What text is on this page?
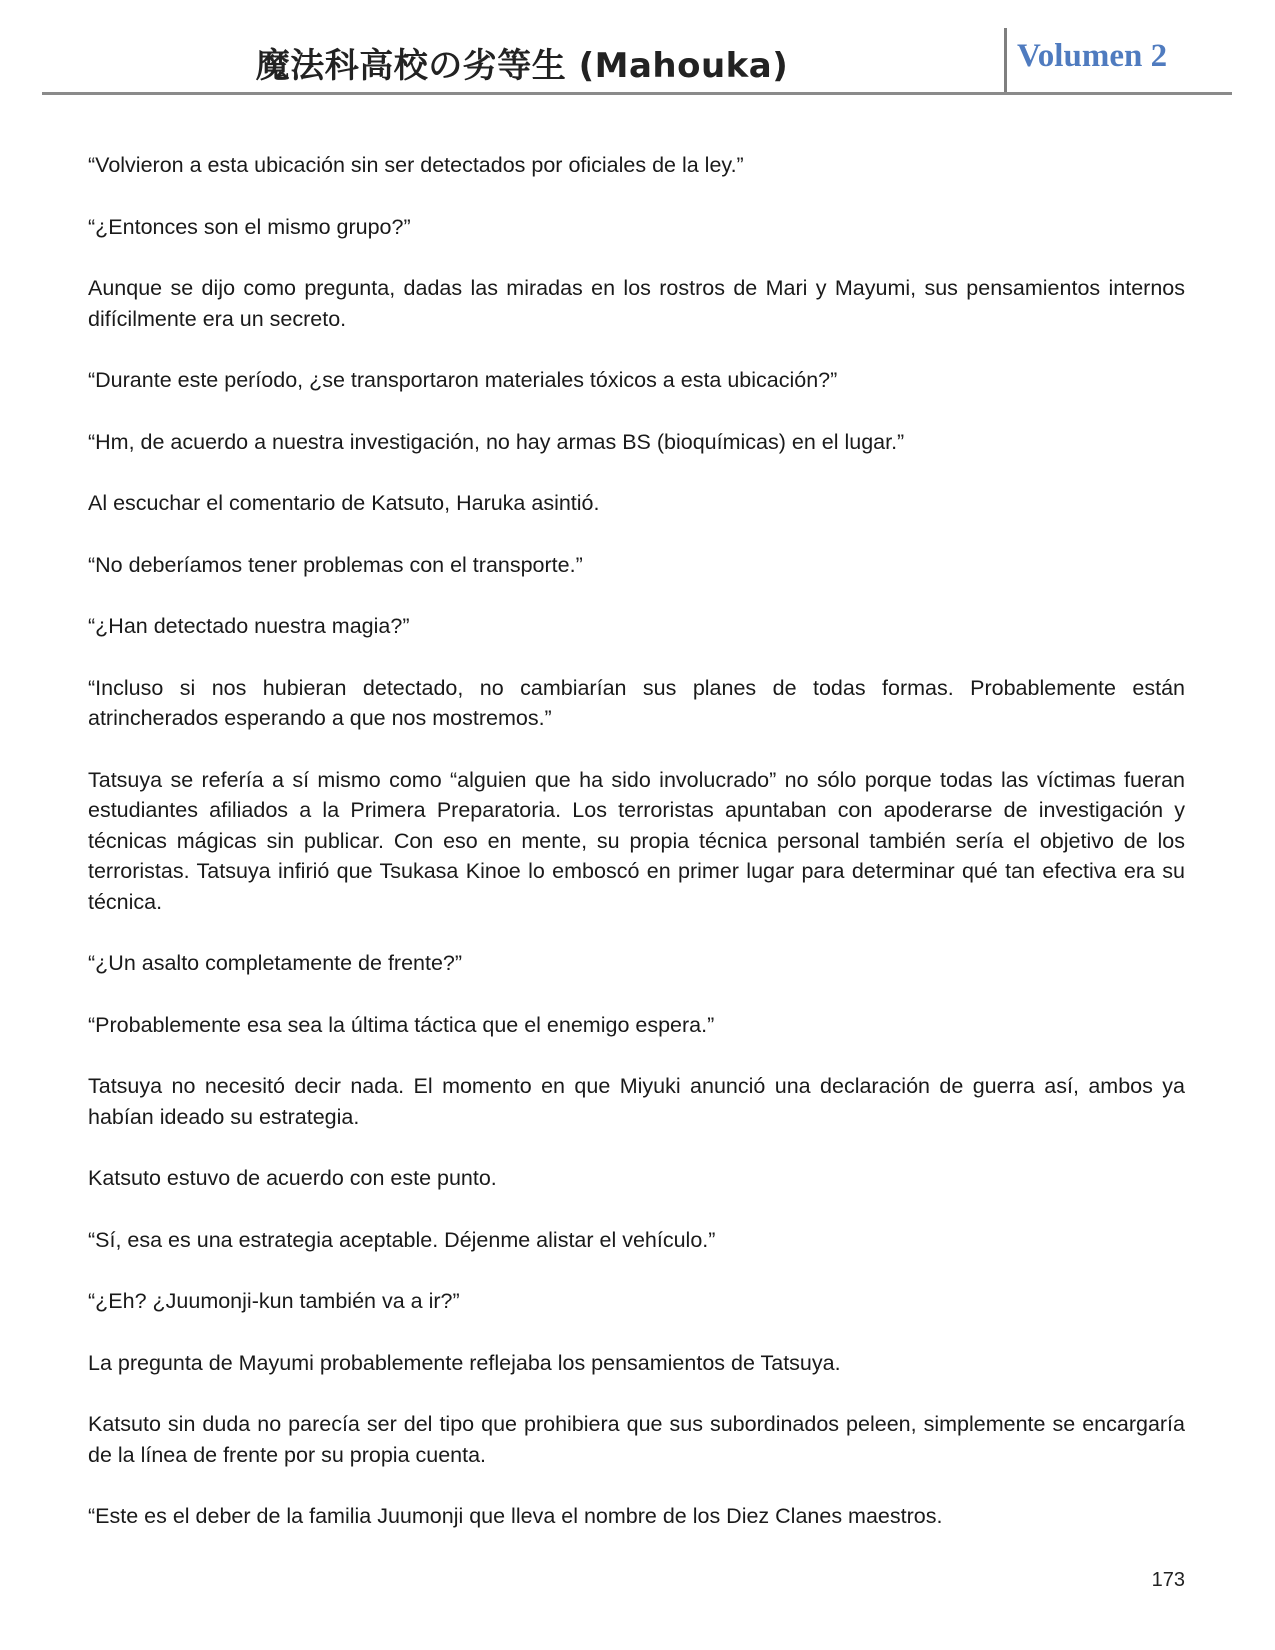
魔法科高校の劣等生 (Mahouka)	Volumen 2

“Volvieron a esta ubicación sin ser detectados por oficiales de la ley.”

“¿Entonces son el mismo grupo?”

Aunque se dijo como pregunta, dadas las miradas en los rostros de Mari y Mayumi, sus pensamientos internos difícilmente era un secreto.

“Durante este período, ¿se transportaron materiales tóxicos a esta ubicación?”

“Hm, de acuerdo a nuestra investigación, no hay armas BS (bioquímicas) en el lugar.”

Al escuchar el comentario de Katsuto, Haruka asintió.

“No deberíamos tener problemas con el transporte.”

“¿Han detectado nuestra magia?”

“Incluso si nos hubieran detectado, no cambiarían sus planes de todas formas. Probablemente están atrincherados esperando a que nos mostremos.”

Tatsuya se refería a sí mismo como “alguien que ha sido involucrado” no sólo porque todas las víctimas fueran estudiantes afiliados a la Primera Preparatoria. Los terroristas apuntaban con apoderarse de investigación y técnicas mágicas sin publicar. Con eso en mente, su propia técnica personal también sería el objetivo de los terroristas. Tatsuya infirió que Tsukasa Kinoe lo emboscó en primer lugar para determinar qué tan efectiva era su técnica.

“¿Un asalto completamente de frente?”

“Probablemente esa sea la última táctica que el enemigo espera.”

Tatsuya no necesitó decir nada. El momento en que Miyuki anunció una declaración de guerra así, ambos ya habían ideado su estrategia.

Katsuto estuvo de acuerdo con este punto.

“Sí, esa es una estrategia aceptable. Déjenme alistar el vehículo.”

“¿Eh? ¿Juumonji-kun también va a ir?”

La pregunta de Mayumi probablemente reflejaba los pensamientos de Tatsuya.

Katsuto sin duda no parecía ser del tipo que prohibiera que sus subordinados peleen, simplemente se encargaría de la línea de frente por su propia cuenta.

“Este es el deber de la familia Juumonji que lleva el nombre de los Diez Clanes maestros.

173
